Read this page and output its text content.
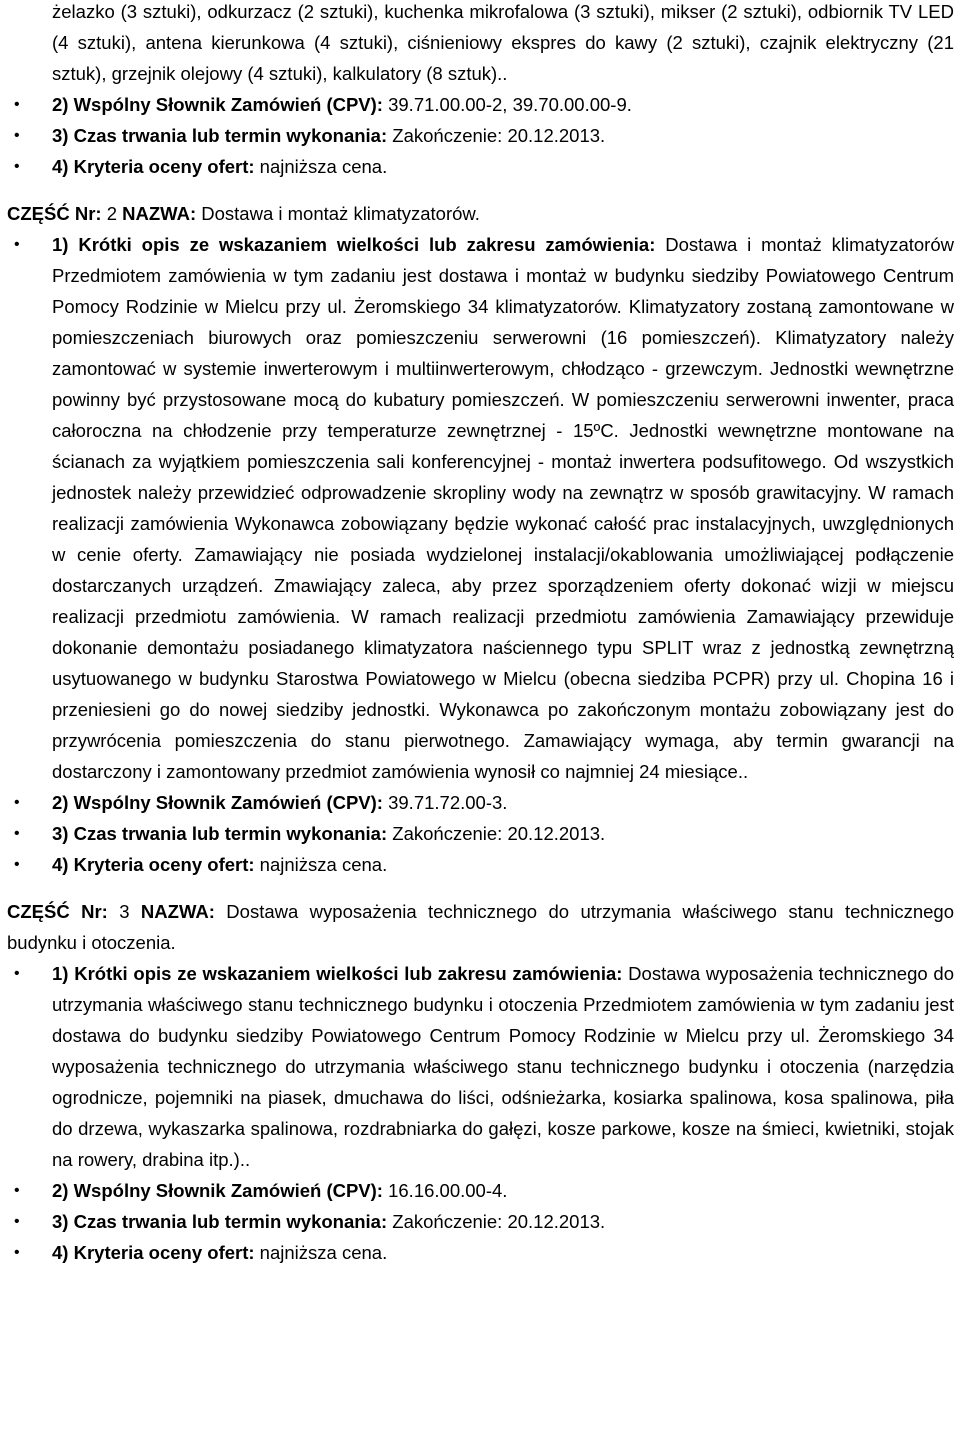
żelazko (3 sztuki), odkurzacz (2 sztuki), kuchenka mikrofalowa (3 sztuki), mikser (2 sztuki), odbiornik TV LED (4 sztuki), antena kierunkowa (4 sztuki), ciśnieniowy ekspres do kawy (2 sztuki), czajnik elektryczny (21 sztuk), grzejnik olejowy (4 sztuki), kalkulatory (8 sztuk)..

•	2) Wspólny Słownik Zamówień (CPV): 39.71.00.00-2, 39.70.00.00-9.

•	3) Czas trwania lub termin wykonania: Zakończenie: 20.12.2013.

•	4) Kryteria oceny ofert: najniższa cena.

CZĘŚĆ Nr: 2 NAZWA: Dostawa i montaż klimatyzatorów.

•	1) Krótki opis ze wskazaniem wielkości lub zakresu zamówienia: Dostawa i montaż klimatyzatorów Przedmiotem zamówienia w tym zadaniu jest dostawa i montaż w budynku siedziby Powiatowego Centrum Pomocy Rodzinie w Mielcu przy ul. Żeromskiego 34 klimatyzatorów. Klimatyzatory zostaną zamontowane w pomieszczeniach biurowych oraz pomieszczeniu serwerowni (16 pomieszczeń). Klimatyzatory należy zamontować w systemie inwerterowym i multiinwerterowym, chłodząco - grzewczym. Jednostki wewnętrzne powinny być przystosowane mocą do kubatury pomieszczeń. W pomieszczeniu serwerowni inwenter, praca całoroczna na chłodzenie przy temperaturze zewnętrznej - 15ºC. Jednostki wewnętrzne montowane na ścianach za wyjątkiem pomieszczenia sali konferencyjnej - montaż inwertera podsufitowego. Od wszystkich jednostek należy przewidzieć odprowadzenie skropliny wody na zewnątrz w sposób grawitacyjny. W ramach realizacji zamówienia Wykonawca zobowiązany będzie wykonać całość prac instalacyjnych, uwzględnionych w cenie oferty. Zamawiający nie posiada wydzielonej instalacji/okablowania umożliwiającej podłączenie dostarczanych urządzeń. Zmawiający zaleca, aby przez sporządzeniem oferty dokonać wizji w miejscu realizacji przedmiotu zamówienia. W ramach realizacji przedmiotu zamówienia Zamawiający przewiduje dokonanie demontażu posiadanego klimatyzatora naściennego typu SPLIT wraz z jednostką zewnętrzną usytuowanego w budynku Starostwa Powiatowego w Mielcu (obecna siedziba PCPR) przy ul. Chopina 16 i przeniesieni go do nowej siedziby jednostki. Wykonawca po zakończonym montażu zobowiązany jest do przywrócenia pomieszczenia do stanu pierwotnego. Zamawiający wymaga, aby termin gwarancji na dostarczony i zamontowany przedmiot zamówienia wynosił co najmniej 24 miesiące..

•	2) Wspólny Słownik Zamówień (CPV): 39.71.72.00-3.

•	3) Czas trwania lub termin wykonania: Zakończenie: 20.12.2013.

•	4) Kryteria oceny ofert: najniższa cena.

CZĘŚĆ Nr: 3 NAZWA: Dostawa wyposażenia technicznego do utrzymania właściwego stanu technicznego budynku i otoczenia.

•	1) Krótki opis ze wskazaniem wielkości lub zakresu zamówienia: Dostawa wyposażenia technicznego do utrzymania właściwego stanu technicznego budynku i otoczenia Przedmiotem zamówienia w tym zadaniu jest dostawa do budynku siedziby Powiatowego Centrum Pomocy Rodzinie w Mielcu przy ul. Żeromskiego 34 wyposażenia technicznego do utrzymania właściwego stanu technicznego budynku i otoczenia (narzędzia ogrodnicze, pojemniki na piasek, dmuchawa do liści, odśnieżarka, kosiarka spalinowa, kosa spalinowa, piła do drzewa, wykaszarka spalinowa, rozdrabniarka do gałęzi, kosze parkowe, kosze na śmieci, kwietniki, stojak na rowery, drabina itp.)..

•	2) Wspólny Słownik Zamówień (CPV): 16.16.00.00-4.

•	3) Czas trwania lub termin wykonania: Zakończenie: 20.12.2013.

•	4) Kryteria oceny ofert: najniższa cena.
